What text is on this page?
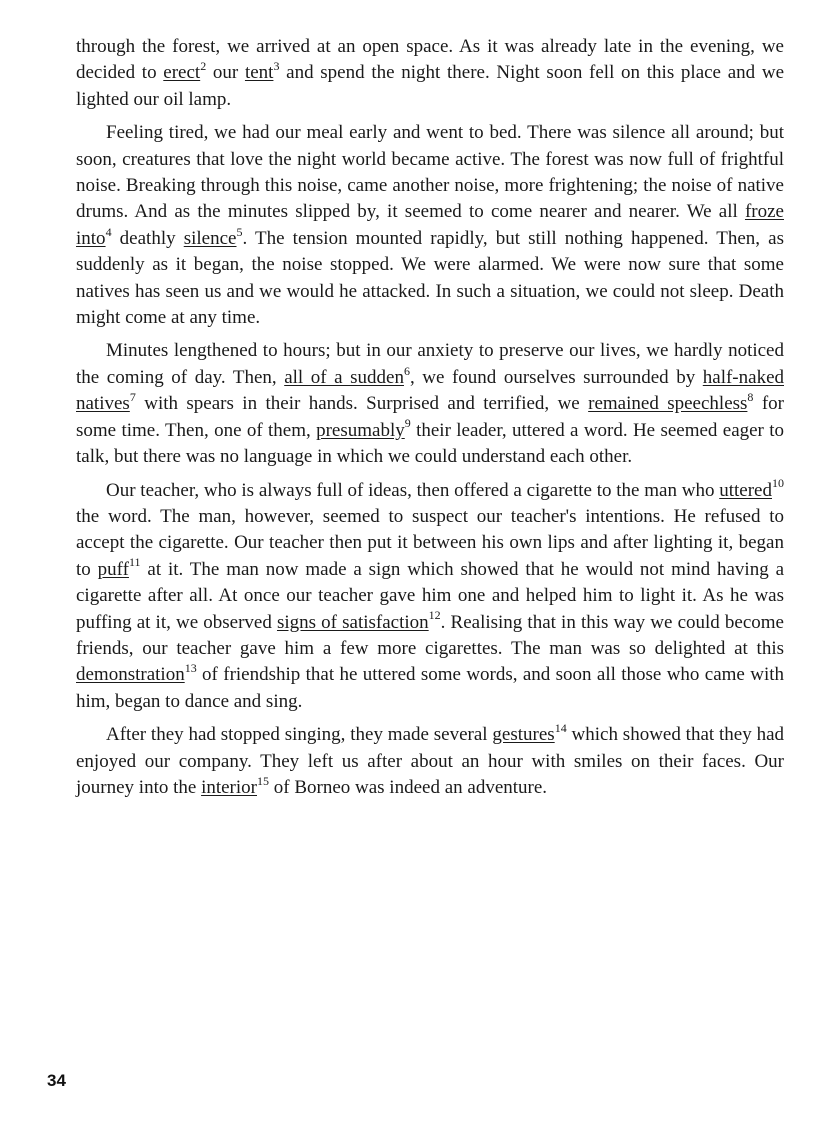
through the forest, we arrived at an open space. As it was already late in the evening, we decided to erect$^2$ our tent$^3$ and spend the night there. Night soon fell on this place and we lighted our oil lamp.

Feeling tired, we had our meal early and went to bed. There was silence all around; but soon, creatures that love the night world became active. The forest was now full of frightful noise. Breaking through this noise, came another noise, more frightening; the noise of native drums. And as the minutes slipped by, it seemed to come nearer and nearer. We all froze into$^4$ deathly silence$^5$. The tension mounted rapidly, but still nothing happened. Then, as suddenly as it began, the noise stopped. We were alarmed. We were now sure that some natives has seen us and we would he attacked. In such a situation, we could not sleep. Death might come at any time.

Minutes lengthened to hours; but in our anxiety to preserve our lives, we hardly noticed the coming of day. Then, all of a sudden$^6$, we found ourselves surrounded by half-naked natives$^7$ with spears in their hands. Surprised and terrified, we remained speechless$^8$ for some time. Then, one of them, presumably$^9$ their leader, uttered a word. He seemed eager to talk, but there was no language in which we could understand each other.

Our teacher, who is always full of ideas, then offered a cigarette to the man who uttered$^{10}$ the word. The man, however, seemed to suspect our teacher's intentions. He refused to accept the cigarette. Our teacher then put it between his own lips and after lighting it, began to puff$^{11}$ at it. The man now made a sign which showed that he would not mind having a cigarette after all. At once our teacher gave him one and helped him to light it. As he was puffing at it, we observed signs of satisfaction$^{12}$. Realising that in this way we could become friends, our teacher gave him a few more cigarettes. The man was so delighted at this demonstration$^{13}$ of friendship that he uttered some words, and soon all those who came with him, began to dance and sing.

After they had stopped singing, they made several gestures$^{14}$ which showed that they had enjoyed our company. They left us after about an hour with smiles on their faces. Our journey into the interior$^{15}$ of Borneo was indeed an adventure.

34
